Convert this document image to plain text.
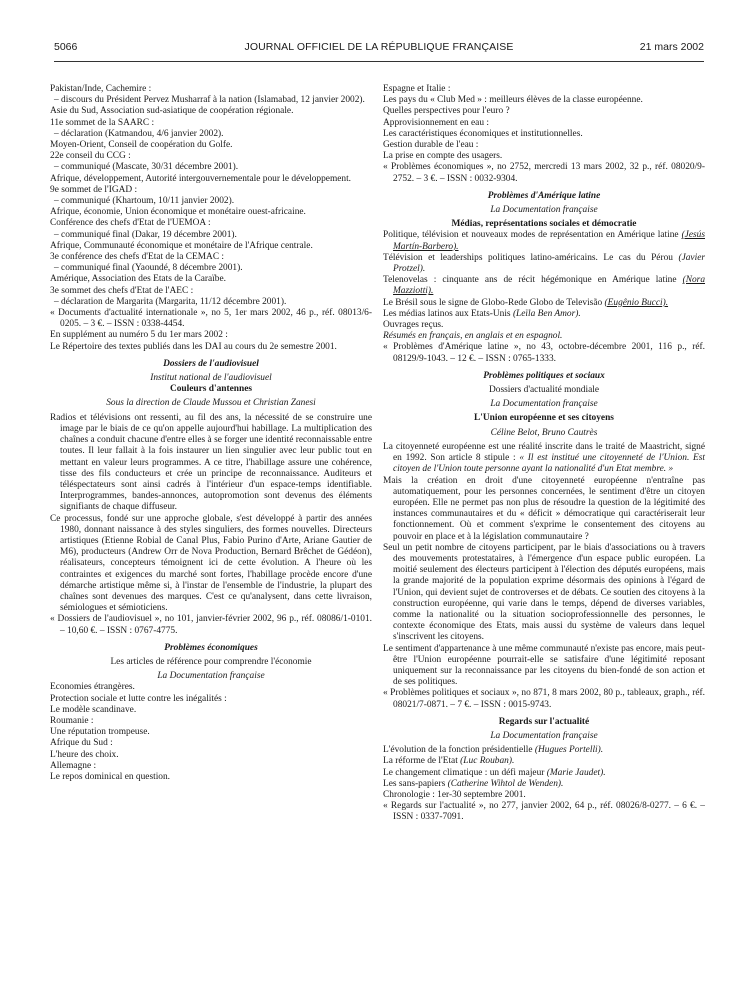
5066	JOURNAL OFFICIEL DE LA RÉPUBLIQUE FRANÇAISE	21 mars 2002
Pakistan/Inde, Cachemire :
– discours du Président Pervez Musharraf à la nation (Islamabad, 12 janvier 2002).
Asie du Sud, Association sud-asiatique de coopération régionale.
11e sommet de la SAARC :
– déclaration (Katmandou, 4/6 janvier 2002).
Moyen-Orient, Conseil de coopération du Golfe.
22e conseil du CCG :
– communiqué (Mascate, 30/31 décembre 2001).
Afrique, développement, Autorité intergouvernementale pour le développement.
9e sommet de l'IGAD :
– communiqué (Khartoum, 10/11 janvier 2002).
Afrique, économie, Union économique et monétaire ouest-africaine.
Conférence des chefs d'Etat de l'UEMOA :
– communiqué final (Dakar, 19 décembre 2001).
Afrique, Communauté économique et monétaire de l'Afrique centrale.
3e conférence des chefs d'Etat de la CEMAC :
– communiqué final (Yaoundé, 8 décembre 2001).
Amérique, Association des Etats de la Caraïbe.
3e sommet des chefs d'Etat de l'AEC :
– déclaration de Margarita (Margarita, 11/12 décembre 2001).
« Documents d'actualité internationale », no 5, 1er mars 2002, 46 p., réf. 08013/6-0205. – 3 €. – ISSN : 0338-4454.
En supplément au numéro 5 du 1er mars 2002 :
Le Répertoire des textes publiés dans les DAI au cours du 2e semestre 2001.
Dossiers de l'audiovisuel
Institut national de l'audiovisuel
Couleurs d'antennes
Sous la direction de Claude Mussou et Christian Zanesi
Radios et télévisions ont ressenti, au fil des ans, la nécessité de se construire une image par le biais de ce qu'on appelle aujourd'hui habillage. La multiplication des chaînes a conduit chacune d'entre elles à se forger une identité reconnaissable entre toutes. Il leur fallait à la fois instaurer un lien singulier avec leur public tout en mettant en valeur leurs programmes. A ce titre, l'habillage assure une cohérence, tisse des fils conducteurs et crée un principe de reconnaissance. Auditeurs et téléspectateurs sont ainsi cadrés à l'intérieur d'un espace-temps identifiable. Interprogrammes, bandes-annonces, autopromotion sont devenus des éléments signifiants de chaque diffuseur.
Ce processus, fondé sur une approche globale, s'est développé à partir des années 1980, donnant naissance à des styles singuliers, des formes nouvelles. Directeurs artistiques (Etienne Robial de Canal Plus, Fabio Purino d'Arte, Ariane Gautier de M6), producteurs (Andrew Orr de Nova Production, Bernard Brêchet de Gédéon), réalisateurs, concepteurs témoignent ici de cette évolution. A l'heure où les contraintes et exigences du marché sont fortes, l'habillage procède encore d'une démarche artistique même si, à l'instar de l'ensemble de l'industrie, la plupart des chaînes sont devenues des marques. C'est ce qu'analysent, dans cette livraison, sémiologues et sémioticiens.
« Dossiers de l'audiovisuel », no 101, janvier-février 2002, 96 p., réf. 08086/1-0101. – 10,60 €. – ISSN : 0767-4775.
Problèmes économiques
Les articles de référence pour comprendre l'économie
La Documentation française
Economies étrangères.
Protection sociale et lutte contre les inégalités :
Le modèle scandinave.
Roumanie :
Une réputation trompeuse.
Afrique du Sud :
L'heure des choix.
Allemagne :
Le repos dominical en question.
Espagne et Italie :
Les pays du « Club Med » : meilleurs élèves de la classe européenne.
Quelles perspectives pour l'euro ?
Approvisionnement en eau :
Les caractéristiques économiques et institutionnelles.
Gestion durable de l'eau :
La prise en compte des usagers.
« Problèmes économiques », no 2752, mercredi 13 mars 2002, 32 p., réf. 08020/9-2752. – 3 €. – ISSN : 0032-9304.
Problèmes d'Amérique latine
La Documentation française
Médias, représentations sociales et démocratie
Politique, télévision et nouveaux modes de représentation en Amérique latine (Jesús Martín-Barbero).
Télévision et leaderships politiques latino-américains. Le cas du Pérou (Javier Protzel).
Telenovelas : cinquante ans de récit hégémonique en Amérique latine (Nora Mazziotti).
Le Brésil sous le signe de Globo-Rede Globo de Televisão (Eugênio Bucci).
Les médias latinos aux Etats-Unis (Leïla Ben Amor).
Ouvrages reçus.
Résumés en français, en anglais et en espagnol.
« Problèmes d'Amérique latine », no 43, octobre-décembre 2001, 116 p., réf. 08129/9-1043. – 12 €. – ISSN : 0765-1333.
Problèmes politiques et sociaux
Dossiers d'actualité mondiale
La Documentation française
L'Union européenne et ses citoyens
Céline Belot, Bruno Cautrès
La citoyenneté européenne est une réalité inscrite dans le traité de Maastricht, signé en 1992. Son article 8 stipule : « Il est institué une citoyenneté de l'Union. Est citoyen de l'Union toute personne ayant la nationalité d'un Etat membre. »
Mais la création en droit d'une citoyenneté européenne n'entraîne pas automatiquement, pour les personnes concernées, le sentiment d'être un citoyen européen. Elle ne permet pas non plus de résoudre la question de la légitimité des instances communautaires et du « déficit » démocratique qui caractériserait leur fonctionnement. Où et comment s'exprime le consentement des citoyens au pouvoir en place et à la législation communautaire ?
Seul un petit nombre de citoyens participent, par le biais d'associations ou à travers des mouvements protestataires, à l'émergence d'un espace public européen. La moitié seulement des électeurs participent à l'élection des députés européens, mais la grande majorité de la population exprime désormais des opinions à l'égard de l'Union, qui devient sujet de controverses et de débats. Ce soutien des citoyens à la construction européenne, qui varie dans le temps, dépend de diverses variables, comme la nationalité ou la situation socioprofessionnelle des personnes, le contexte économique des Etats, mais aussi du système de valeurs dans lequel s'inscrivent les citoyens.
Le sentiment d'appartenance à une même communauté n'existe pas encore, mais peut-être l'Union européenne pourrait-elle se satisfaire d'une légitimité reposant uniquement sur la reconnaissance par les citoyens du bien-fondé de son action et de ses politiques.
« Problèmes politiques et sociaux », no 871, 8 mars 2002, 80 p., tableaux, graph., réf. 08021/7-0871. – 7 €. – ISSN : 0015-9743.
Regards sur l'actualité
La Documentation française
L'évolution de la fonction présidentielle (Hugues Portelli).
La réforme de l'Etat (Luc Rouban).
Le changement climatique : un défi majeur (Marie Jaudet).
Les sans-papiers (Catherine Wihtol de Wenden).
Chronologie : 1er-30 septembre 2001.
« Regards sur l'actualité », no 277, janvier 2002, 64 p., réf. 08026/8-0277. – 6 €. – ISSN : 0337-7091.
